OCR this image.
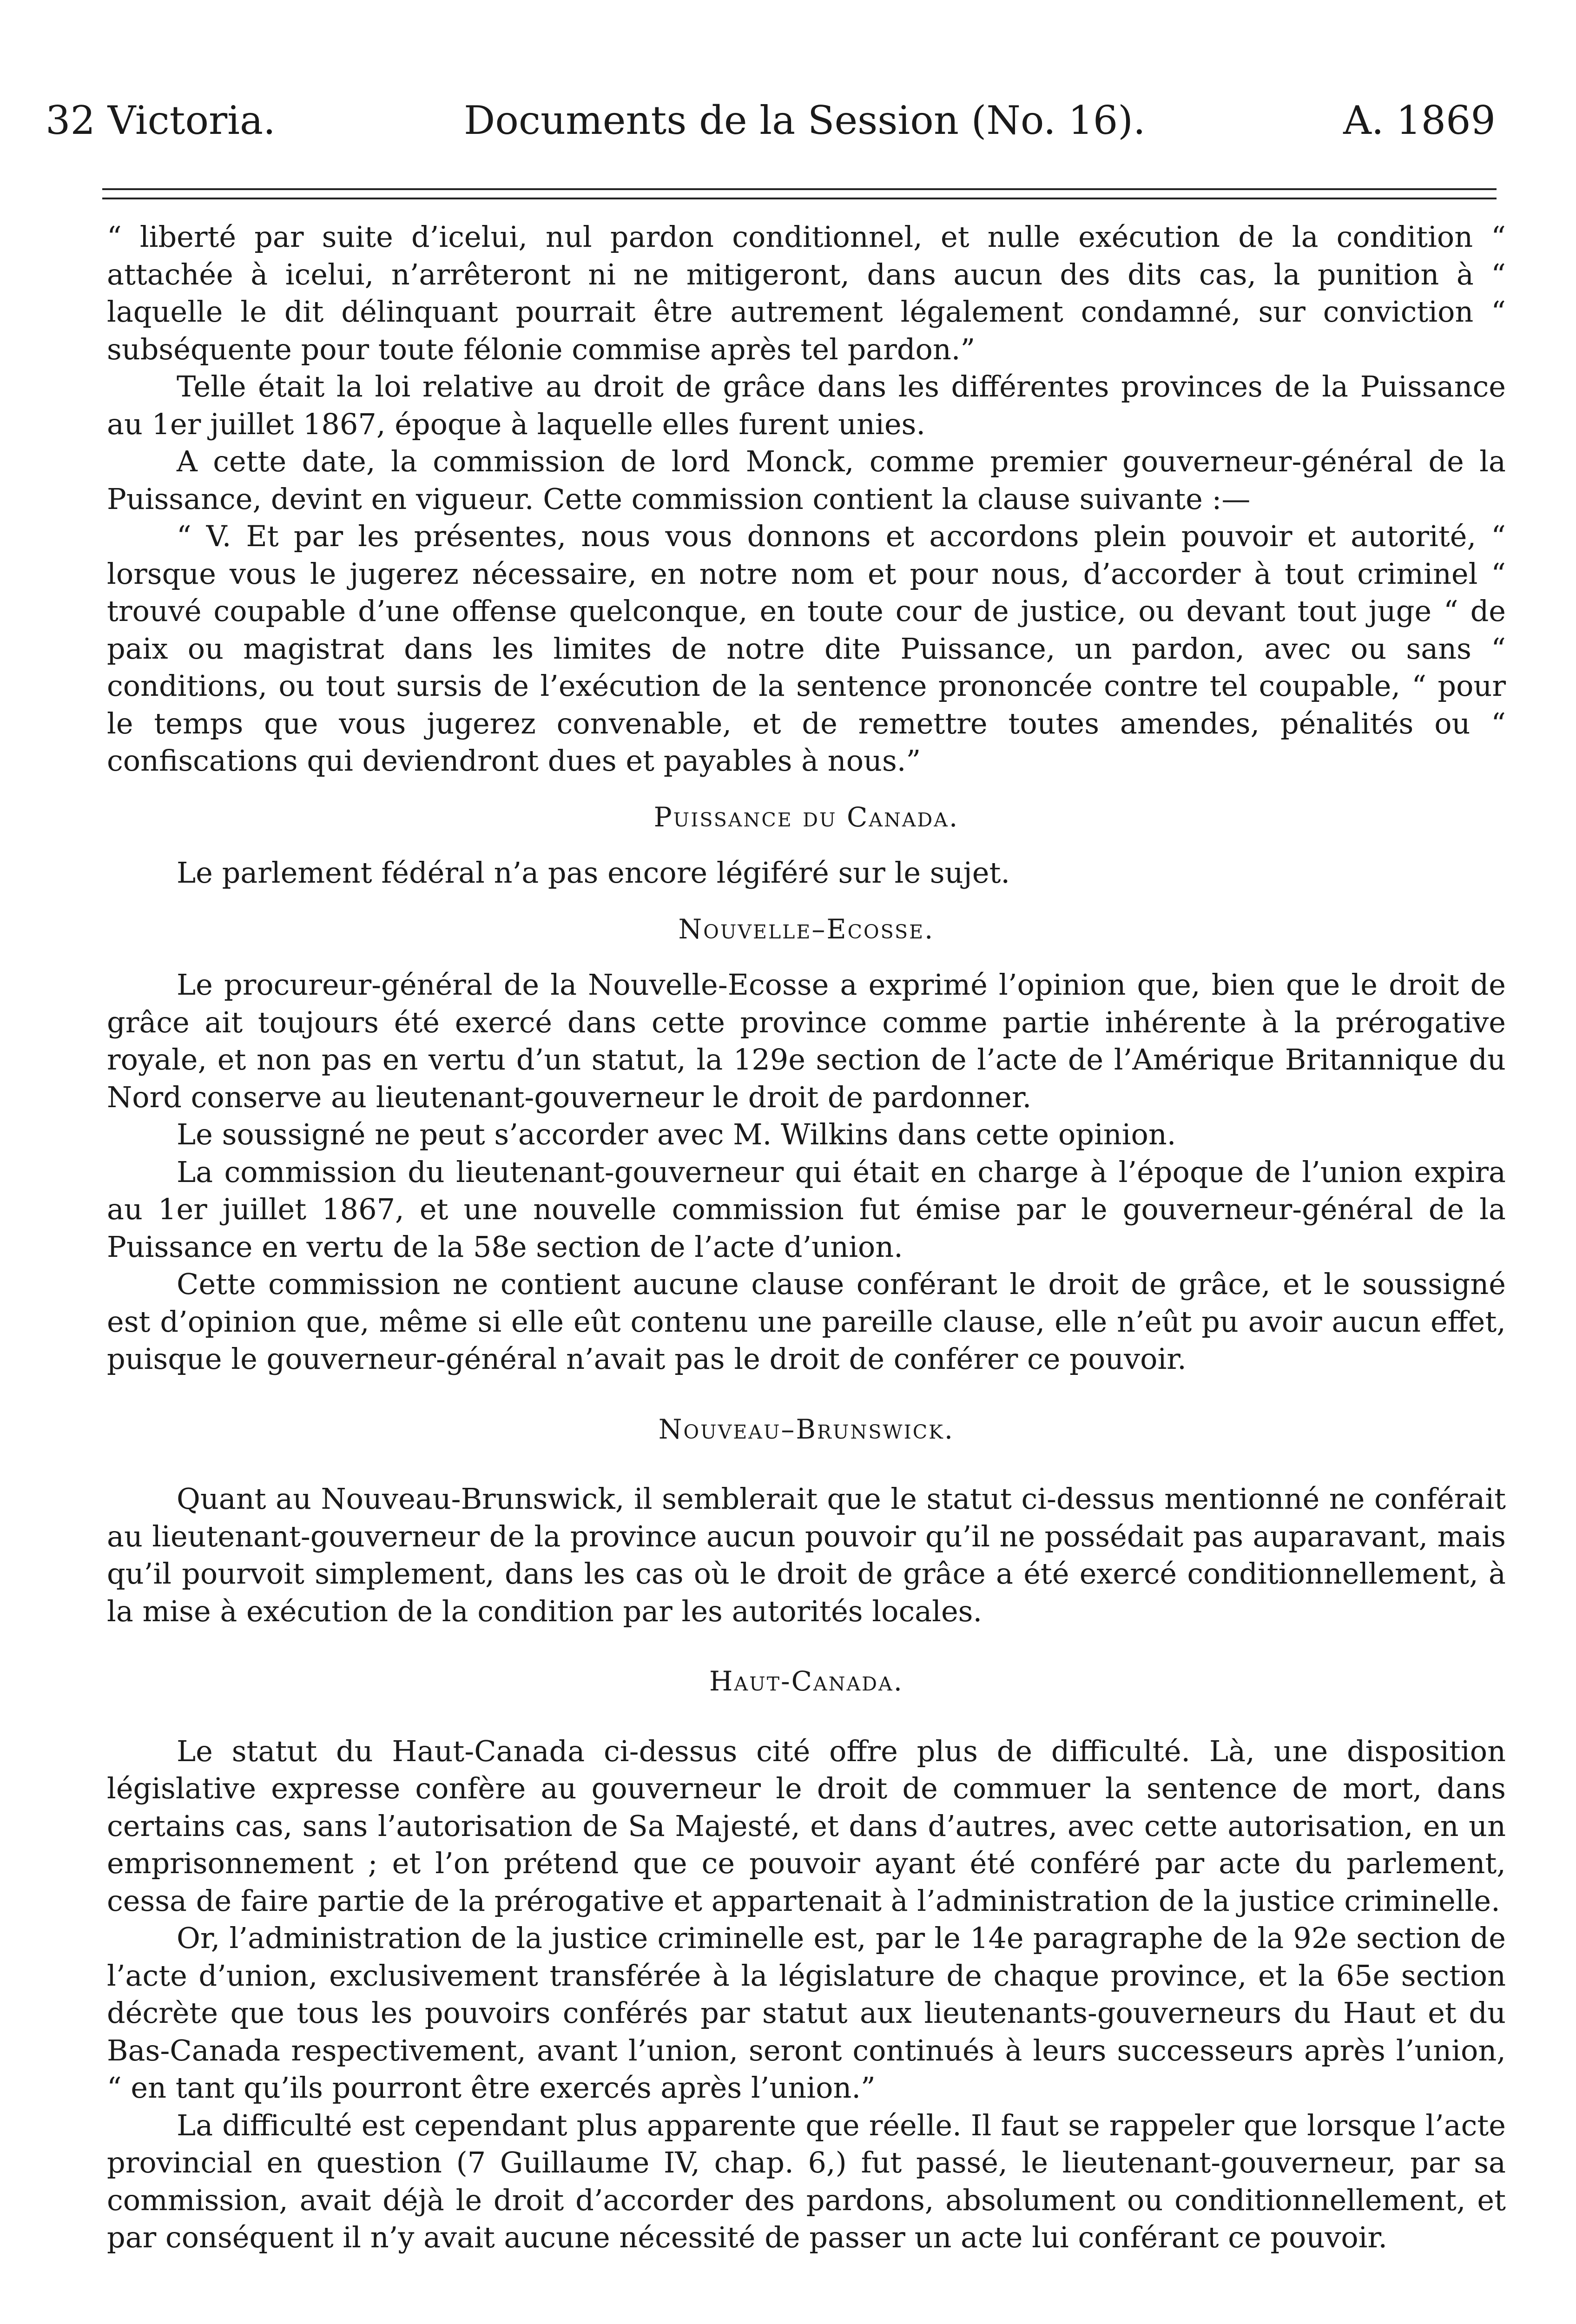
32 Victoria.	Documents de la Session (No. 16).	A. 1869

“ liberté par suite d’icelui, nul pardon conditionnel, et nulle exécution de la condition “ attachée à icelui, n’arrêteront ni ne mitigeront, dans aucun des dits cas, la punition à “ laquelle le dit délinquant pourrait être autrement légalement condamné, sur conviction “ subséquente pour toute félonie commise après tel pardon.”

Telle était la loi relative au droit de grâce dans les différentes provinces de la Puissance au 1er juillet 1867, époque à laquelle elles furent unies.

A cette date, la commission de lord Monck, comme premier gouverneur-général de la Puissance, devint en vigueur. Cette commission contient la clause suivante :—

“ V. Et par les présentes, nous vous donnons et accordons plein pouvoir et autorité, “ lorsque vous le jugerez nécessaire, en notre nom et pour nous, d’accorder à tout criminel “ trouvé coupable d’une offense quelconque, en toute cour de justice, ou devant tout juge “ de paix ou magistrat dans les limites de notre dite Puissance, un pardon, avec ou sans “ conditions, ou tout sursis de l’exécution de la sentence prononcée contre tel coupable, “ pour le temps que vous jugerez convenable, et de remettre toutes amendes, pénalités ou “ confiscations qui deviendront dues et payables à nous.”

Puissance du Canada.

Le parlement fédéral n’a pas encore légiféré sur le sujet.

Nouvelle–Ecosse.

Le procureur-général de la Nouvelle-Ecosse a exprimé l’opinion que, bien que le droit de grâce ait toujours été exercé dans cette province comme partie inhérente à la prérogative royale, et non pas en vertu d’un statut, la 129e section de l’acte de l’Amérique Britannique du Nord conserve au lieutenant-gouverneur le droit de pardonner.

Le soussigné ne peut s’accorder avec M. Wilkins dans cette opinion.

La commission du lieutenant-gouverneur qui était en charge à l’époque de l’union expira au 1er juillet 1867, et une nouvelle commission fut émise par le gouverneur-général de la Puissance en vertu de la 58e section de l’acte d’union.

Cette commission ne contient aucune clause conférant le droit de grâce, et le soussigné est d’opinion que, même si elle eût contenu une pareille clause, elle n’eût pu avoir aucun effet, puisque le gouverneur-général n’avait pas le droit de conférer ce pouvoir.

Nouveau–Brunswick.

Quant au Nouveau-Brunswick, il semblerait que le statut ci-dessus mentionné ne conférait au lieutenant-gouverneur de la province aucun pouvoir qu’il ne possédait pas auparavant, mais qu’il pourvoit simplement, dans les cas où le droit de grâce a été exercé conditionnellement, à la mise à exécution de la condition par les autorités locales.

Haut-Canada.

Le statut du Haut-Canada ci-dessus cité offre plus de difficulté. Là, une disposition législative expresse confère au gouverneur le droit de commuer la sentence de mort, dans certains cas, sans l’autorisation de Sa Majesté, et dans d’autres, avec cette autorisation, en un emprisonnement ; et l’on prétend que ce pouvoir ayant été conféré par acte du parlement, cessa de faire partie de la prérogative et appartenait à l’administration de la justice criminelle.

Or, l’administration de la justice criminelle est, par le 14e paragraphe de la 92e section de l’acte d’union, exclusivement transférée à la législature de chaque province, et la 65e section décrète que tous les pouvoirs conférés par statut aux lieutenants-gouverneurs du Haut et du Bas-Canada respectivement, avant l’union, seront continués à leurs successeurs après l’union, “ en tant qu’ils pourront être exercés après l’union.”

La difficulté est cependant plus apparente que réelle. Il faut se rappeler que lorsque l’acte provincial en question (7 Guillaume IV, chap. 6,) fut passé, le lieutenant-gouverneur, par sa commission, avait déjà le droit d’accorder des pardons, absolument ou conditionnellement, et par conséquent il n’y avait aucune nécessité de passer un acte lui conférant ce pouvoir.
